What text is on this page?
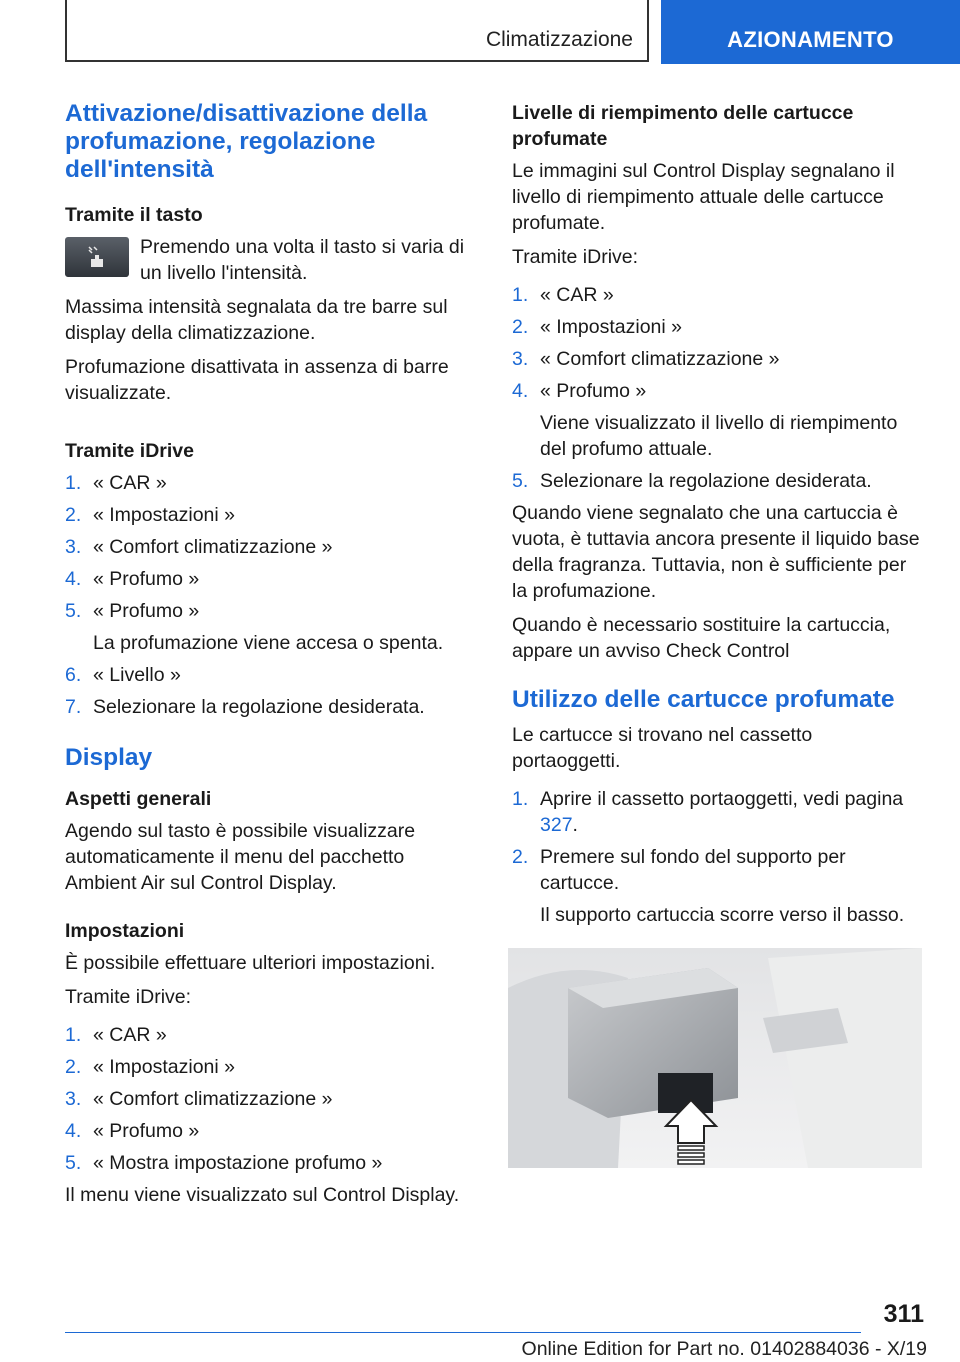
Climatizzazione	AZIONAMENTO
Attivazione/disattivazione della profumazione, regolazione dell'intensità
Tramite il tasto
Premendo una volta il tasto si varia di un livello l'intensità.

Massima intensità segnalata da tre barre sul display della climatizzazione.

Profumazione disattivata in assenza di barre visualizzate.

Tramite iDrive
1. « CAR »
2. « Impostazioni »
3. « Comfort climatizzazione »
4. « Profumo »
5. « Profumo »
La profumazione viene accesa o spenta.
6. « Livello »
7. Selezionare la regolazione desiderata.
Display
Aspetti generali

Agendo sul tasto è possibile visualizzare automaticamente il menu del pacchetto Ambient Air sul Control Display.

Impostazioni

È possibile effettuare ulteriori impostazioni.

Tramite iDrive:

1. « CAR »
2. « Impostazioni »
3. « Comfort climatizzazione »
4. « Profumo »
5. « Mostra impostazione profumo »

Il menu viene visualizzato sul Control Display.

Livelle di riempimento delle cartucce profumate

Le immagini sul Control Display segnalano il livello di riempimento attuale delle cartucce profumate.

Tramite iDrive:

1. « CAR »
2. « Impostazioni »
3. « Comfort climatizzazione »
4. « Profumo »
Viene visualizzato il livello di riempimento del profumo attuale.
5. Selezionare la regolazione desiderata.

Quando viene segnalato che una cartuccia è vuota, è tuttavia ancora presente il liquido base della fragranza. Tuttavia, non è sufficiente per la profumazione.

Quando è necessario sostituire la cartuccia, appare un avviso Check Control

Utilizzo delle cartucce profumate

Le cartucce si trovano nel cassetto portaoggetti.

1. Aprire il cassetto portaoggetti, vedi pagina 327.
2. Premere sul fondo del supporto per cartucce.
Il supporto cartuccia scorre verso il basso.
311
Online Edition for Part no. 01402884036 - X/19
